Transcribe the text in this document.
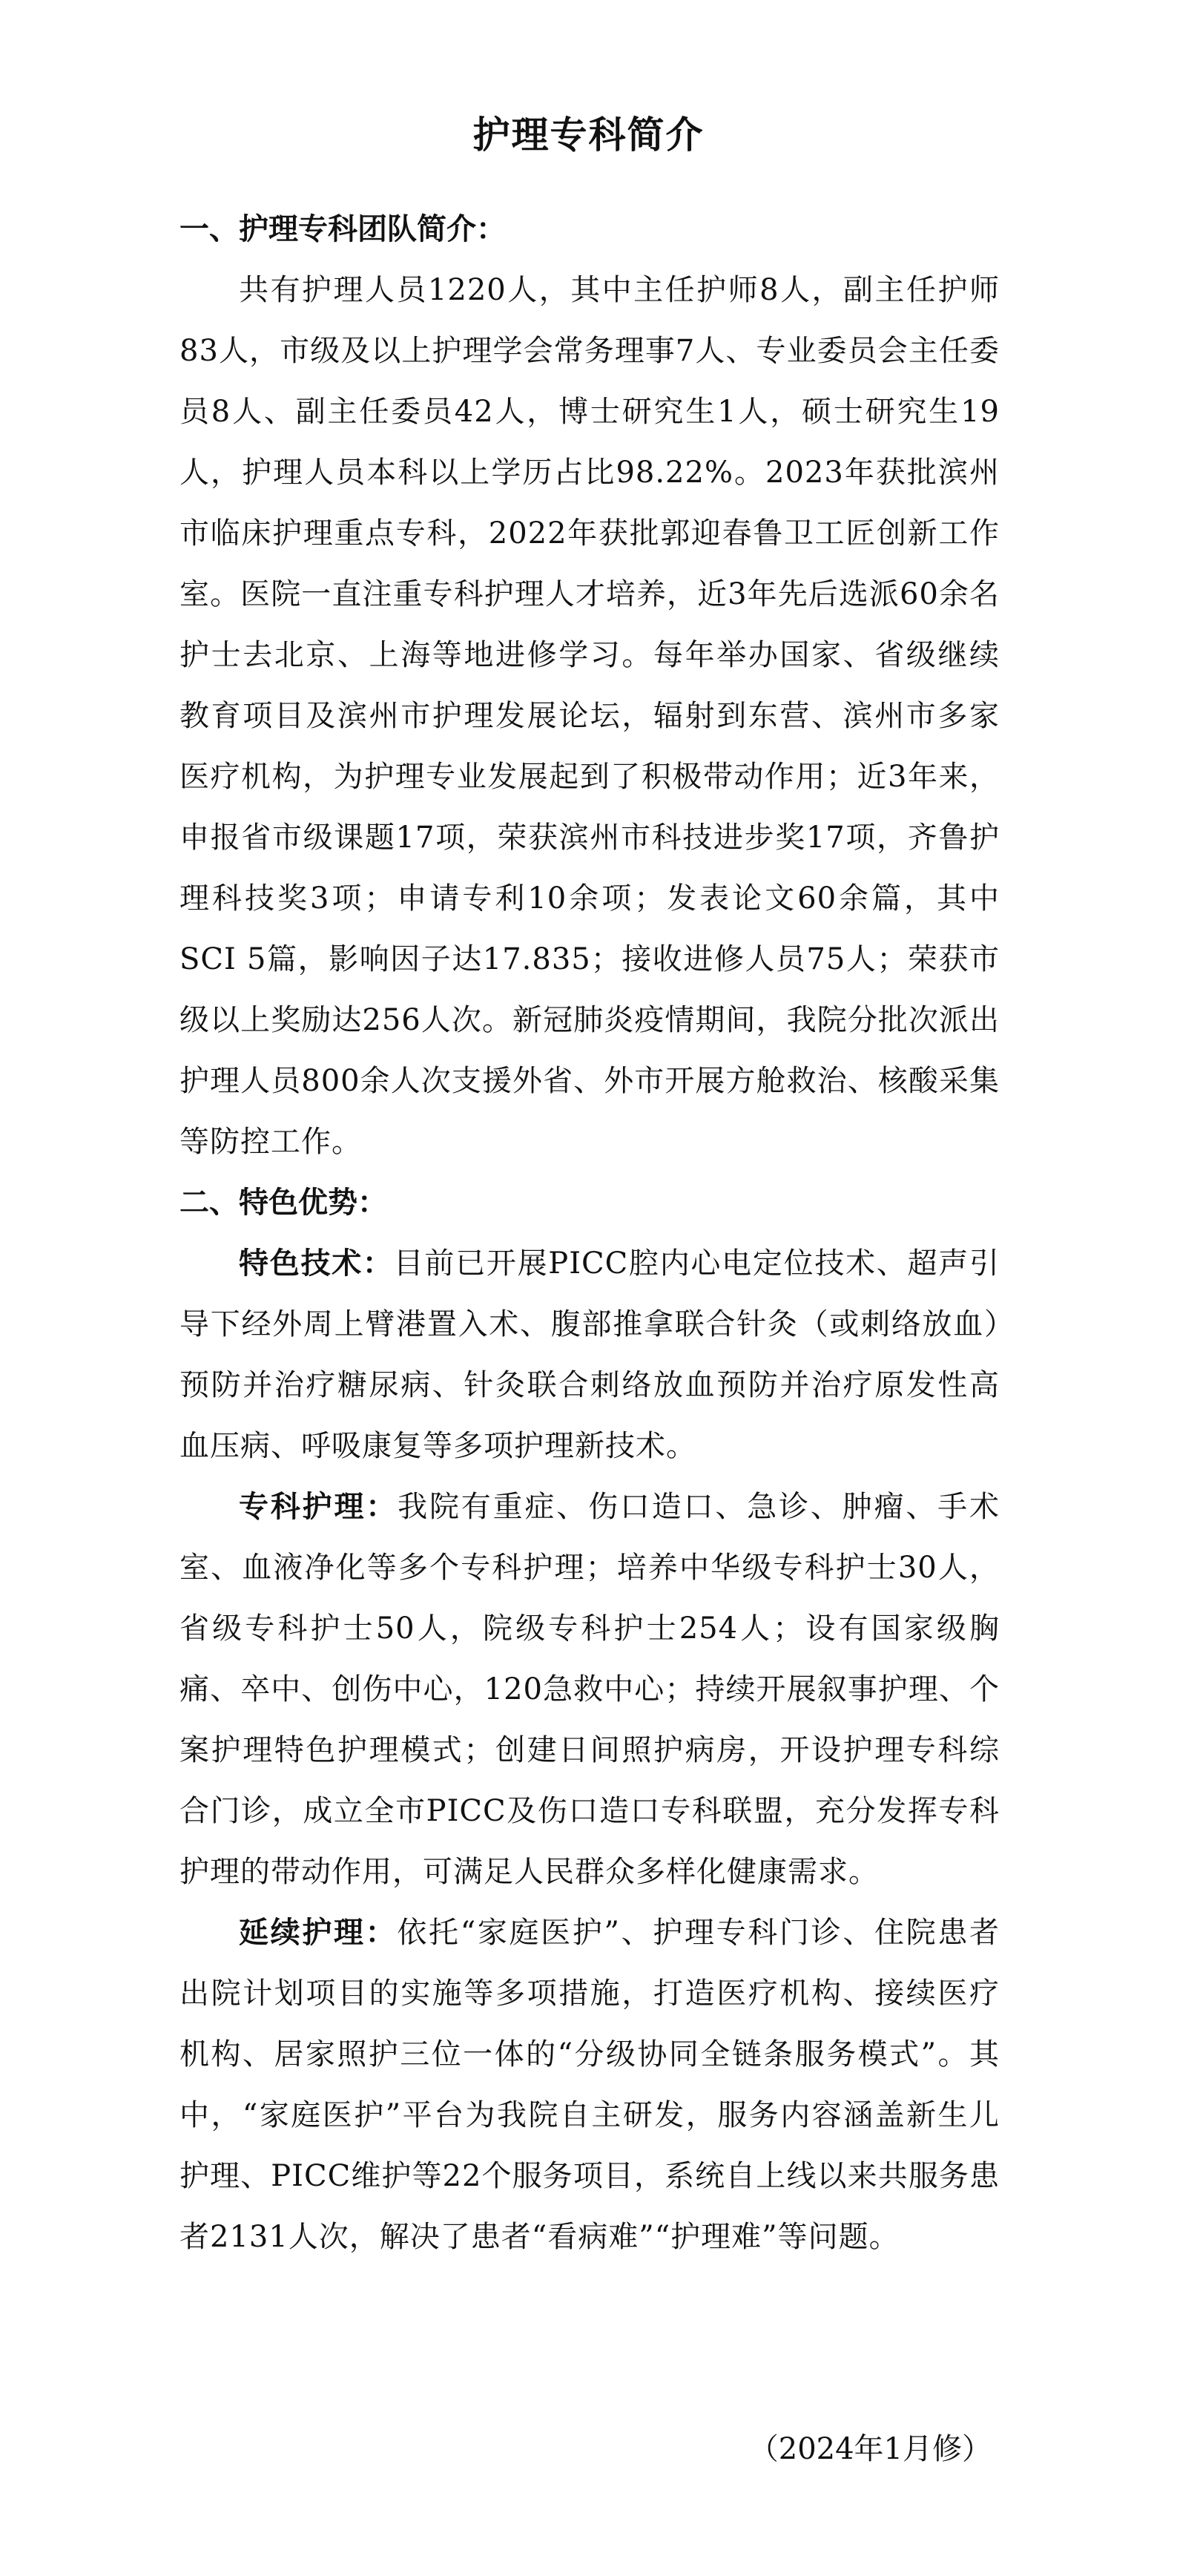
护理专科简介

一、护理专科团队简介：

共有护理人员1220人，其中主任护师8人，副主任护师83人，市级及以上护理学会常务理事7人、专业委员会主任委员8人、副主任委员42人，博士研究生1人，硕士研究生19人，护理人员本科以上学历占比98.22%。2023年获批滨州市临床护理重点专科，2022年获批郭迎春鲁卫工匠创新工作室。医院一直注重专科护理人才培养，近3年先后选派60余名护士去北京、上海等地进修学习。每年举办国家、省级继续教育项目及滨州市护理发展论坛，辐射到东营、滨州市多家医疗机构，为护理专业发展起到了积极带动作用；近3年来，申报省市级课题17项，荣获滨州市科技进步奖17项，齐鲁护理科技奖3项；申请专利10余项；发表论文60余篇，其中SCI 5篇，影响因子达17.835；接收进修人员75人；荣获市级以上奖励达256人次。新冠肺炎疫情期间，我院分批次派出护理人员800余人次支援外省、外市开展方舱救治、核酸采集等防控工作。

二、特色优势：

特色技术：目前已开展PICC腔内心电定位技术、超声引导下经外周上臂港置入术、腹部推拿联合针灸（或刺络放血）预防并治疗糖尿病、针灸联合刺络放血预防并治疗原发性高血压病、呼吸康复等多项护理新技术。

专科护理：我院有重症、伤口造口、急诊、肿瘤、手术室、血液净化等多个专科护理；培养中华级专科护士30人，省级专科护士50人，院级专科护士254人；设有国家级胸痛、卒中、创伤中心，120急救中心；持续开展叙事护理、个案护理特色护理模式；创建日间照护病房，开设护理专科综合门诊，成立全市PICC及伤口造口专科联盟，充分发挥专科护理的带动作用，可满足人民群众多样化健康需求。

延续护理：依托“家庭医护”、护理专科门诊、住院患者出院计划项目的实施等多项措施，打造医疗机构、接续医疗机构、居家照护三位一体的“分级协同全链条服务模式”。其中，“家庭医护”平台为我院自主研发，服务内容涵盖新生儿护理、PICC维护等22个服务项目，系统自上线以来共服务患者2131人次，解决了患者“看病难”“护理难”等问题。

（2024年1月修）
